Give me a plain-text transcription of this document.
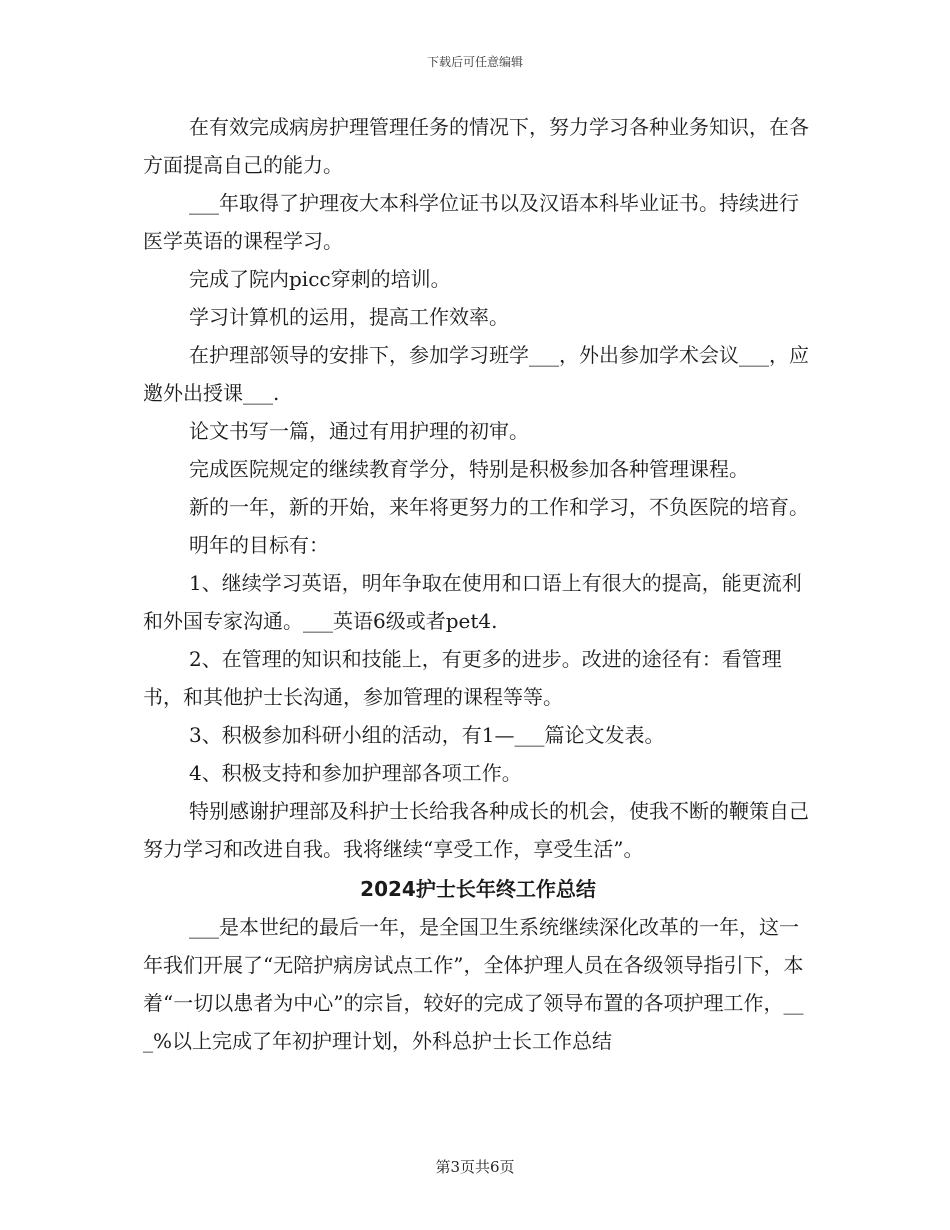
下载后可任意编辑

在有效完成病房护理管理任务的情况下，努力学习各种业务知识，在各方面提高自己的能力。

___年取得了护理夜大本科学位证书以及汉语本科毕业证书。持续进行医学英语的课程学习。

完成了院内picc穿刺的培训。

学习计算机的运用，提高工作效率。

在护理部领导的安排下，参加学习班学___，外出参加学术会议___，应邀外出授课___.

论文书写一篇，通过有用护理的初审。

完成医院规定的继续教育学分，特别是积极参加各种管理课程。

新的一年，新的开始，来年将更努力的工作和学习，不负医院的培育。

明年的目标有：

1、继续学习英语，明年争取在使用和口语上有很大的提高，能更流利和外国专家沟通。___英语6级或者pet4.

2、在管理的知识和技能上，有更多的进步。改进的途径有：看管理书，和其他护士长沟通，参加管理的课程等等。

3、积极参加科研小组的活动，有1—___篇论文发表。

4、积极支持和参加护理部各项工作。

特别感谢护理部及科护士长给我各种成长的机会，使我不断的鞭策自己努力学习和改进自我。我将继续“享受工作，享受生活”。

2024护士长年终工作总结

___是本世纪的最后一年，是全国卫生系统继续深化改革的一年，这一年我们开展了“无陪护病房试点工作”，全体护理人员在各级领导指引下，本着“一切以患者为中心”的宗旨，较好的完成了领导布置的各项护理工作，___%以上完成了年初护理计划，外科总护士长工作总结

第3页共6页
